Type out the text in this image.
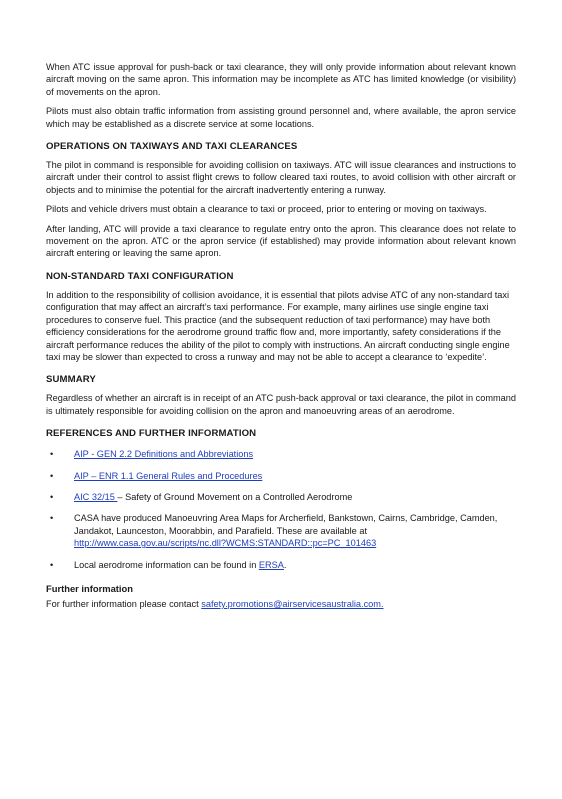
When ATC issue approval for push-back or taxi clearance, they will only provide information about relevant known aircraft moving on the same apron. This information may be incomplete as ATC has limited knowledge (or visibility) of movements on the apron.

Pilots must also obtain traffic information from assisting ground personnel and, where available, the apron service which may be established as a discrete service at some locations.

OPERATIONS ON TAXIWAYS AND TAXI CLEARANCES

The pilot in command is responsible for avoiding collision on taxiways. ATC will issue clearances and instructions to aircraft under their control to assist flight crews to follow cleared taxi routes, to avoid collision with other aircraft or objects and to minimise the potential for the aircraft inadvertently entering a runway.

Pilots and vehicle drivers must obtain a clearance to taxi or proceed, prior to entering or moving on taxiways.

After landing, ATC will provide a taxi clearance to regulate entry onto the apron. This clearance does not relate to movement on the apron. ATC or the apron service (if established) may provide information about relevant known aircraft entering or leaving the same apron.

NON-STANDARD TAXI CONFIGURATION

In addition to the responsibility of collision avoidance, it is essential that pilots advise ATC of any non-standard taxi configuration that may affect an aircraft’s taxi performance. For example, many airlines use single engine taxi procedures to conserve fuel. This practice (and the subsequent reduction of taxi performance) may have both efficiency considerations for the aerodrome ground traffic flow and, more importantly, safety considerations if the aircraft performance reduces the ability of the pilot to comply with instructions. An aircraft conducting single engine taxi may be slower than expected to cross a runway and may not be able to accept a clearance to ‘expedite’.

SUMMARY

Regardless of whether an aircraft is in receipt of an ATC push-back approval or taxi clearance, the pilot in command is ultimately responsible for avoiding collision on the apron and manoeuvring areas of an aerodrome.

REFERENCES AND FURTHER INFORMATION
• AIP - GEN 2.2 Definitions and Abbreviations
• AIP – ENR 1.1 General Rules and Procedures
• AIC 32/15 – Safety of Ground Movement on a Controlled Aerodrome
• CASA have produced Manoeuvring Area Maps for Archerfield, Bankstown, Cairns, Cambridge, Camden, Jandakot, Launceston, Moorabbin, and Parafield. These are available at http://www.casa.gov.au/scripts/nc.dll?WCMS:STANDARD::pc=PC_101463
• Local aerodrome information can be found in ERSA.
Further information

For further information please contact safety.promotions@airservicesaustralia.com.
